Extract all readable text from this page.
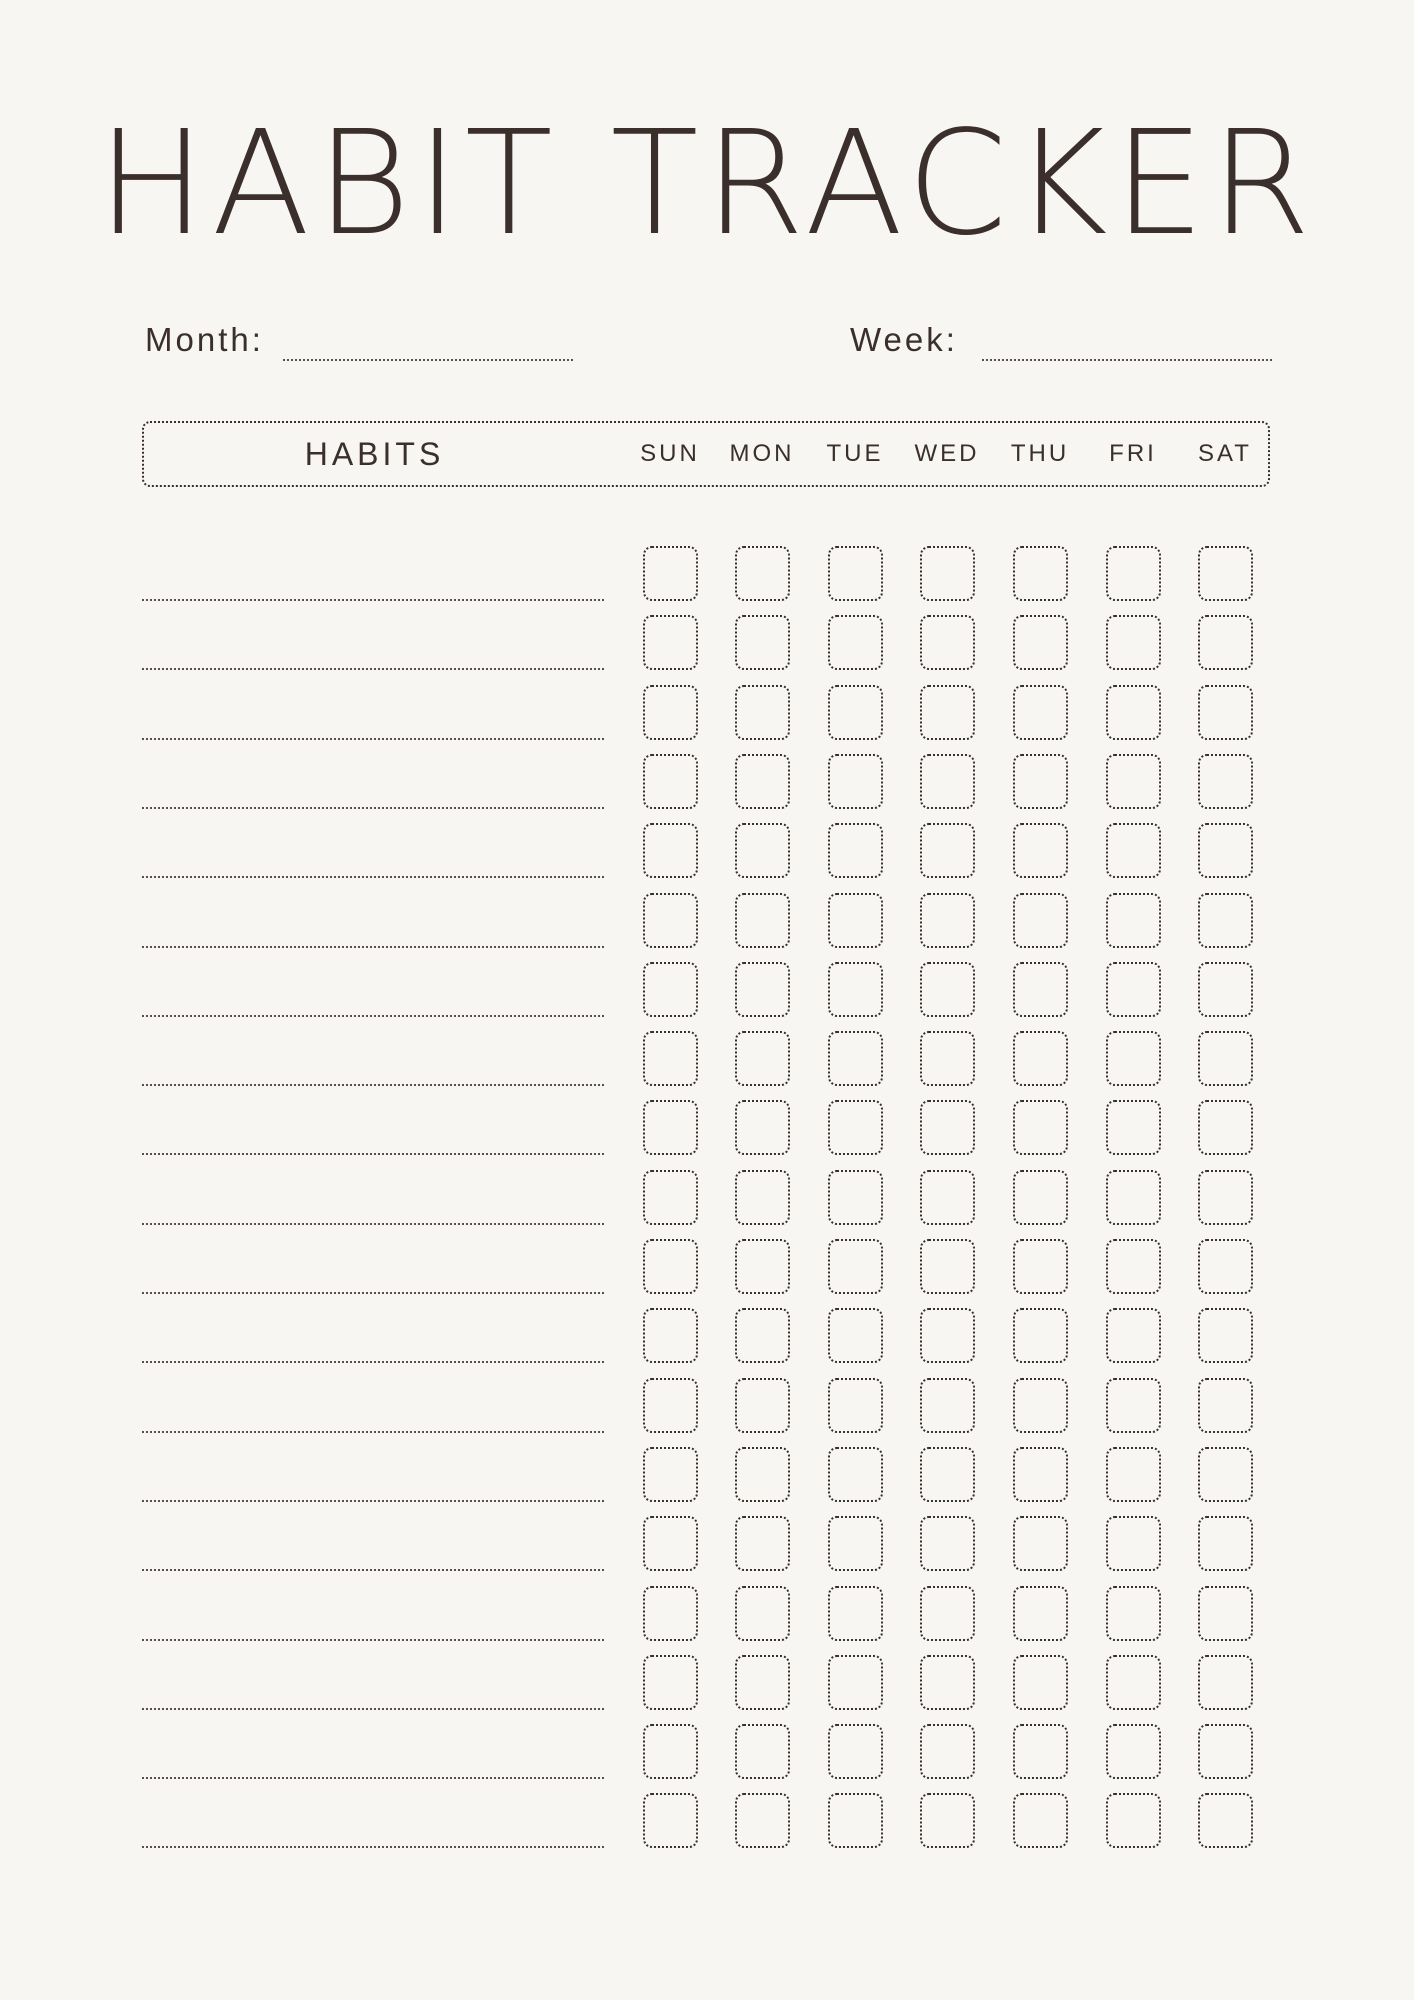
HABIT TRACKER
Month:	Week:
HABITS	SUN	MON	TUE	WED	THU	FRI	SAT
